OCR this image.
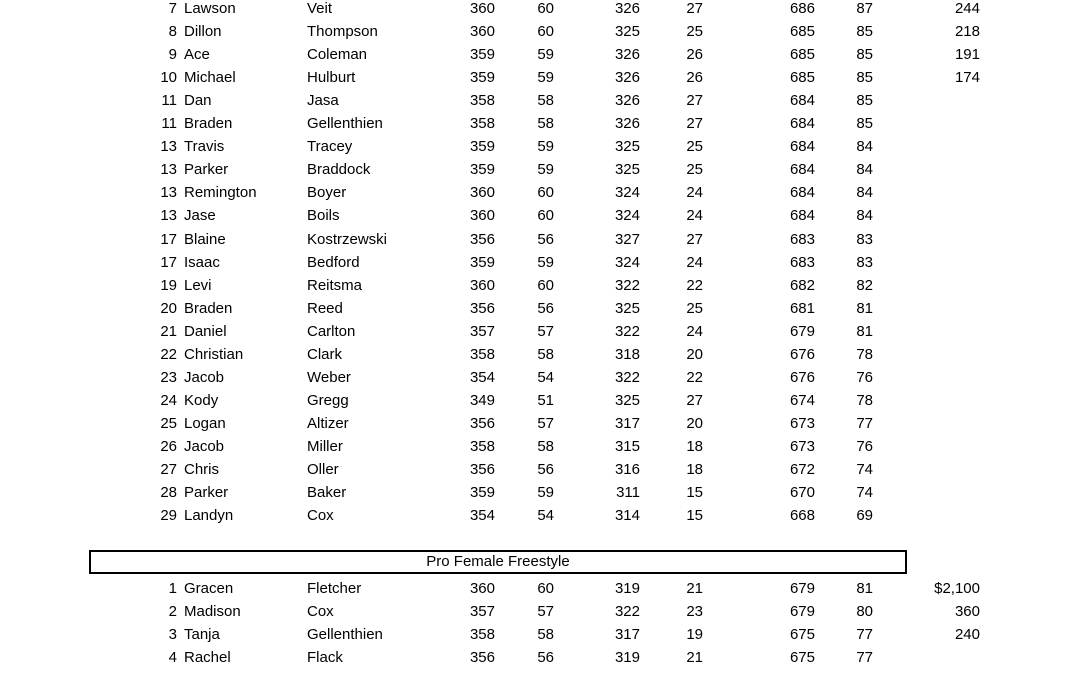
7 Lawson	Veit	360	60	326	27	686	87	244
8 Dillon	Thompson	360	60	325	25	685	85	218
9 Ace	Coleman	359	59	326	26	685	85	191
10 Michael	Hulburt	359	59	326	26	685	85	174
11 Dan	Jasa	358	58	326	27	684	85
11 Braden	Gellenthien	358	58	326	27	684	85
13 Travis	Tracey	359	59	325	25	684	84
13 Parker	Braddock	359	59	325	25	684	84
13 Remington	Boyer	360	60	324	24	684	84
13 Jase	Boils	360	60	324	24	684	84
17 Blaine	Kostrzewski	356	56	327	27	683	83
17 Isaac	Bedford	359	59	324	24	683	83
19 Levi	Reitsma	360	60	322	22	682	82
20 Braden	Reed	356	56	325	25	681	81
21 Daniel	Carlton	357	57	322	24	679	81
22 Christian	Clark	358	58	318	20	676	78
23 Jacob	Weber	354	54	322	22	676	76
24 Kody	Gregg	349	51	325	27	674	78
25 Logan	Altizer	356	57	317	20	673	77
26 Jacob	Miller	358	58	315	18	673	76
27 Chris	Oller	356	56	316	18	672	74
28 Parker	Baker	359	59	311	15	670	74
29 Landyn	Cox	354	54	314	15	668	69
Pro Female Freestyle
1 Gracen	Fletcher	360	60	319	21	679	81	$2,100
2 Madison	Cox	357	57	322	23	679	80	360
3 Tanja	Gellenthien	358	58	317	19	675	77	240
4 Rachel	Flack	356	56	319	21	675	77
